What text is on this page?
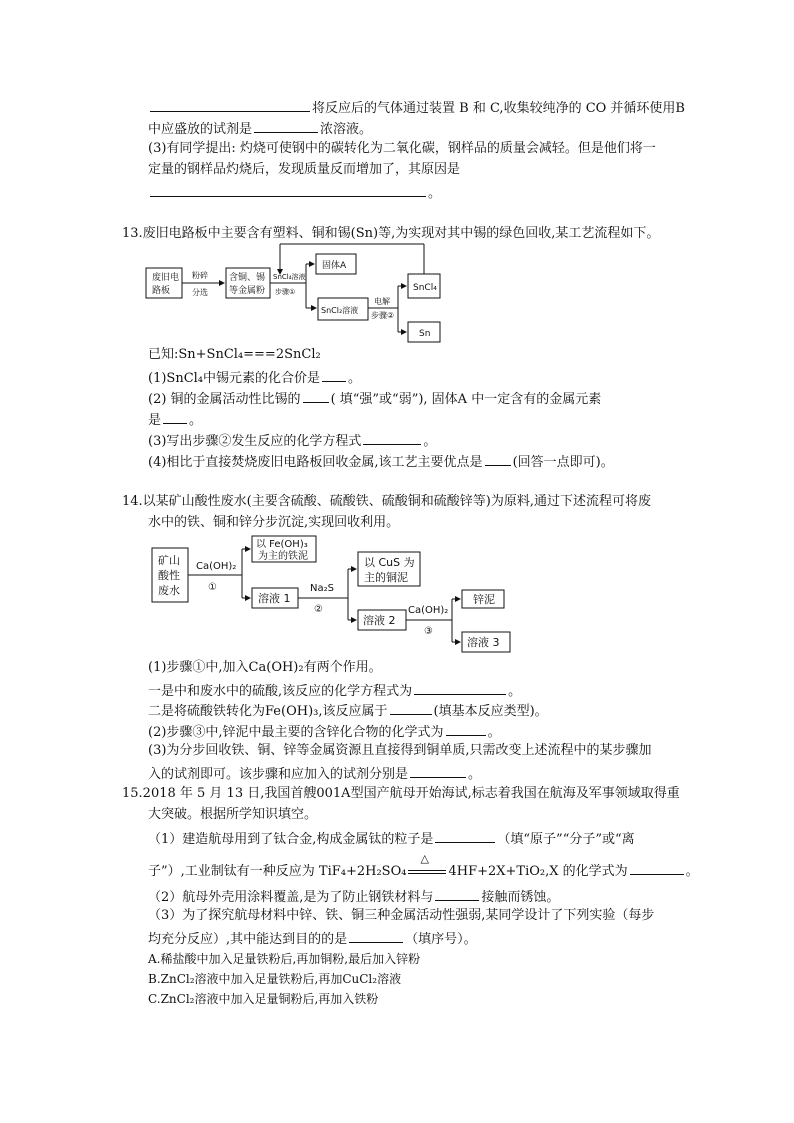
将反应后的气体通过装置 B 和 C,收集较纯净的 CO 并循环使用B
中应盛放的试剂是	浓溶液。
(3)有同学提出: 灼烧可使钢中的碳转化为二氧化碳，钢样品的质量会减轻。但是他们将一
定量的钢样品灼烧后，发现质量反而增加了，其原因是
。
13.废旧电路板中主要含有塑料、铜和锡(Sn)等,为实现对其中锡的绿色回收,某工艺流程如下。
废旧电
路板
粉碎
分选
含铜、锡
等金属粉
SnCl₄溶液
步骤①
固体A
SnCl₂溶液
电解
步骤②
SnCl₄
Sn
已知:Sn+SnCl₄===2SnCl₂
(1)SnCl₄中锡元素的化合价是 。
(2) 铜的金属活动性比锡的 ( 填“强”或“弱”), 固体A 中一定含有的金属元素
是 。
(3)写出步骤②发生反应的化学方程式	。
(4)相比于直接焚烧废旧电路板回收金属,该工艺主要优点是 (回答一点即可)。
14.以某矿山酸性废水(主要含硫酸、硫酸铁、硫酸铜和硫酸锌等)为原料,通过下述流程可将废
水中的铁、铜和锌分步沉淀,实现回收利用。
矿山
酸性
废水
Ca(OH)₂
①
以 Fe(OH)₃
为主的铁泥
溶液 1
Na₂S
②
以 CuS 为
主的铜泥
溶液 2
Ca(OH)₂
③
锌泥
溶液 3
(1)步骤①中,加入Ca(OH)₂有两个作用。
一是中和废水中的硫酸,该反应的化学方程式为	。
二是将硫酸铁转化为Fe(OH)₃,该反应属于	(填基本反应类型)。
(2)步骤③中,锌泥中最主要的含锌化合物的化学式为	。
(3)为分步回收铁、铜、锌等金属资源且直接得到铜单质,只需改变上述流程中的某步骤加
入的试剂即可。该步骤和应加入的试剂分别是	。
15.2018 年 5 月 13 日,我国首艘001A型国产航母开始海试,标志着我国在航海及军事领域取得重
大突破。根据所学知识填空。
（1）建造航母用到了钛合金,构成金属钛的粒子是	（填“原子”“分子”或“离
子”）,工业制钛有一种反应为 TiF₄+2H₂SO₄
△
4HF+2X+TiO₂,X 的化学式为	。
（2）航母外壳用涂料覆盖,是为了防止钢铁材料与	接触而锈蚀。
（3）为了探究航母材料中锌、铁、铜三种金属活动性强弱,某同学设计了下列实验（每步
均充分反应）,其中能达到目的的是	（填序号）。
A.稀盐酸中加入足量铁粉后,再加铜粉,最后加入锌粉
B.ZnCl₂溶液中加入足量铁粉后,再加CuCl₂溶液
C.ZnCl₂溶液中加入足量铜粉后,再加入铁粉
